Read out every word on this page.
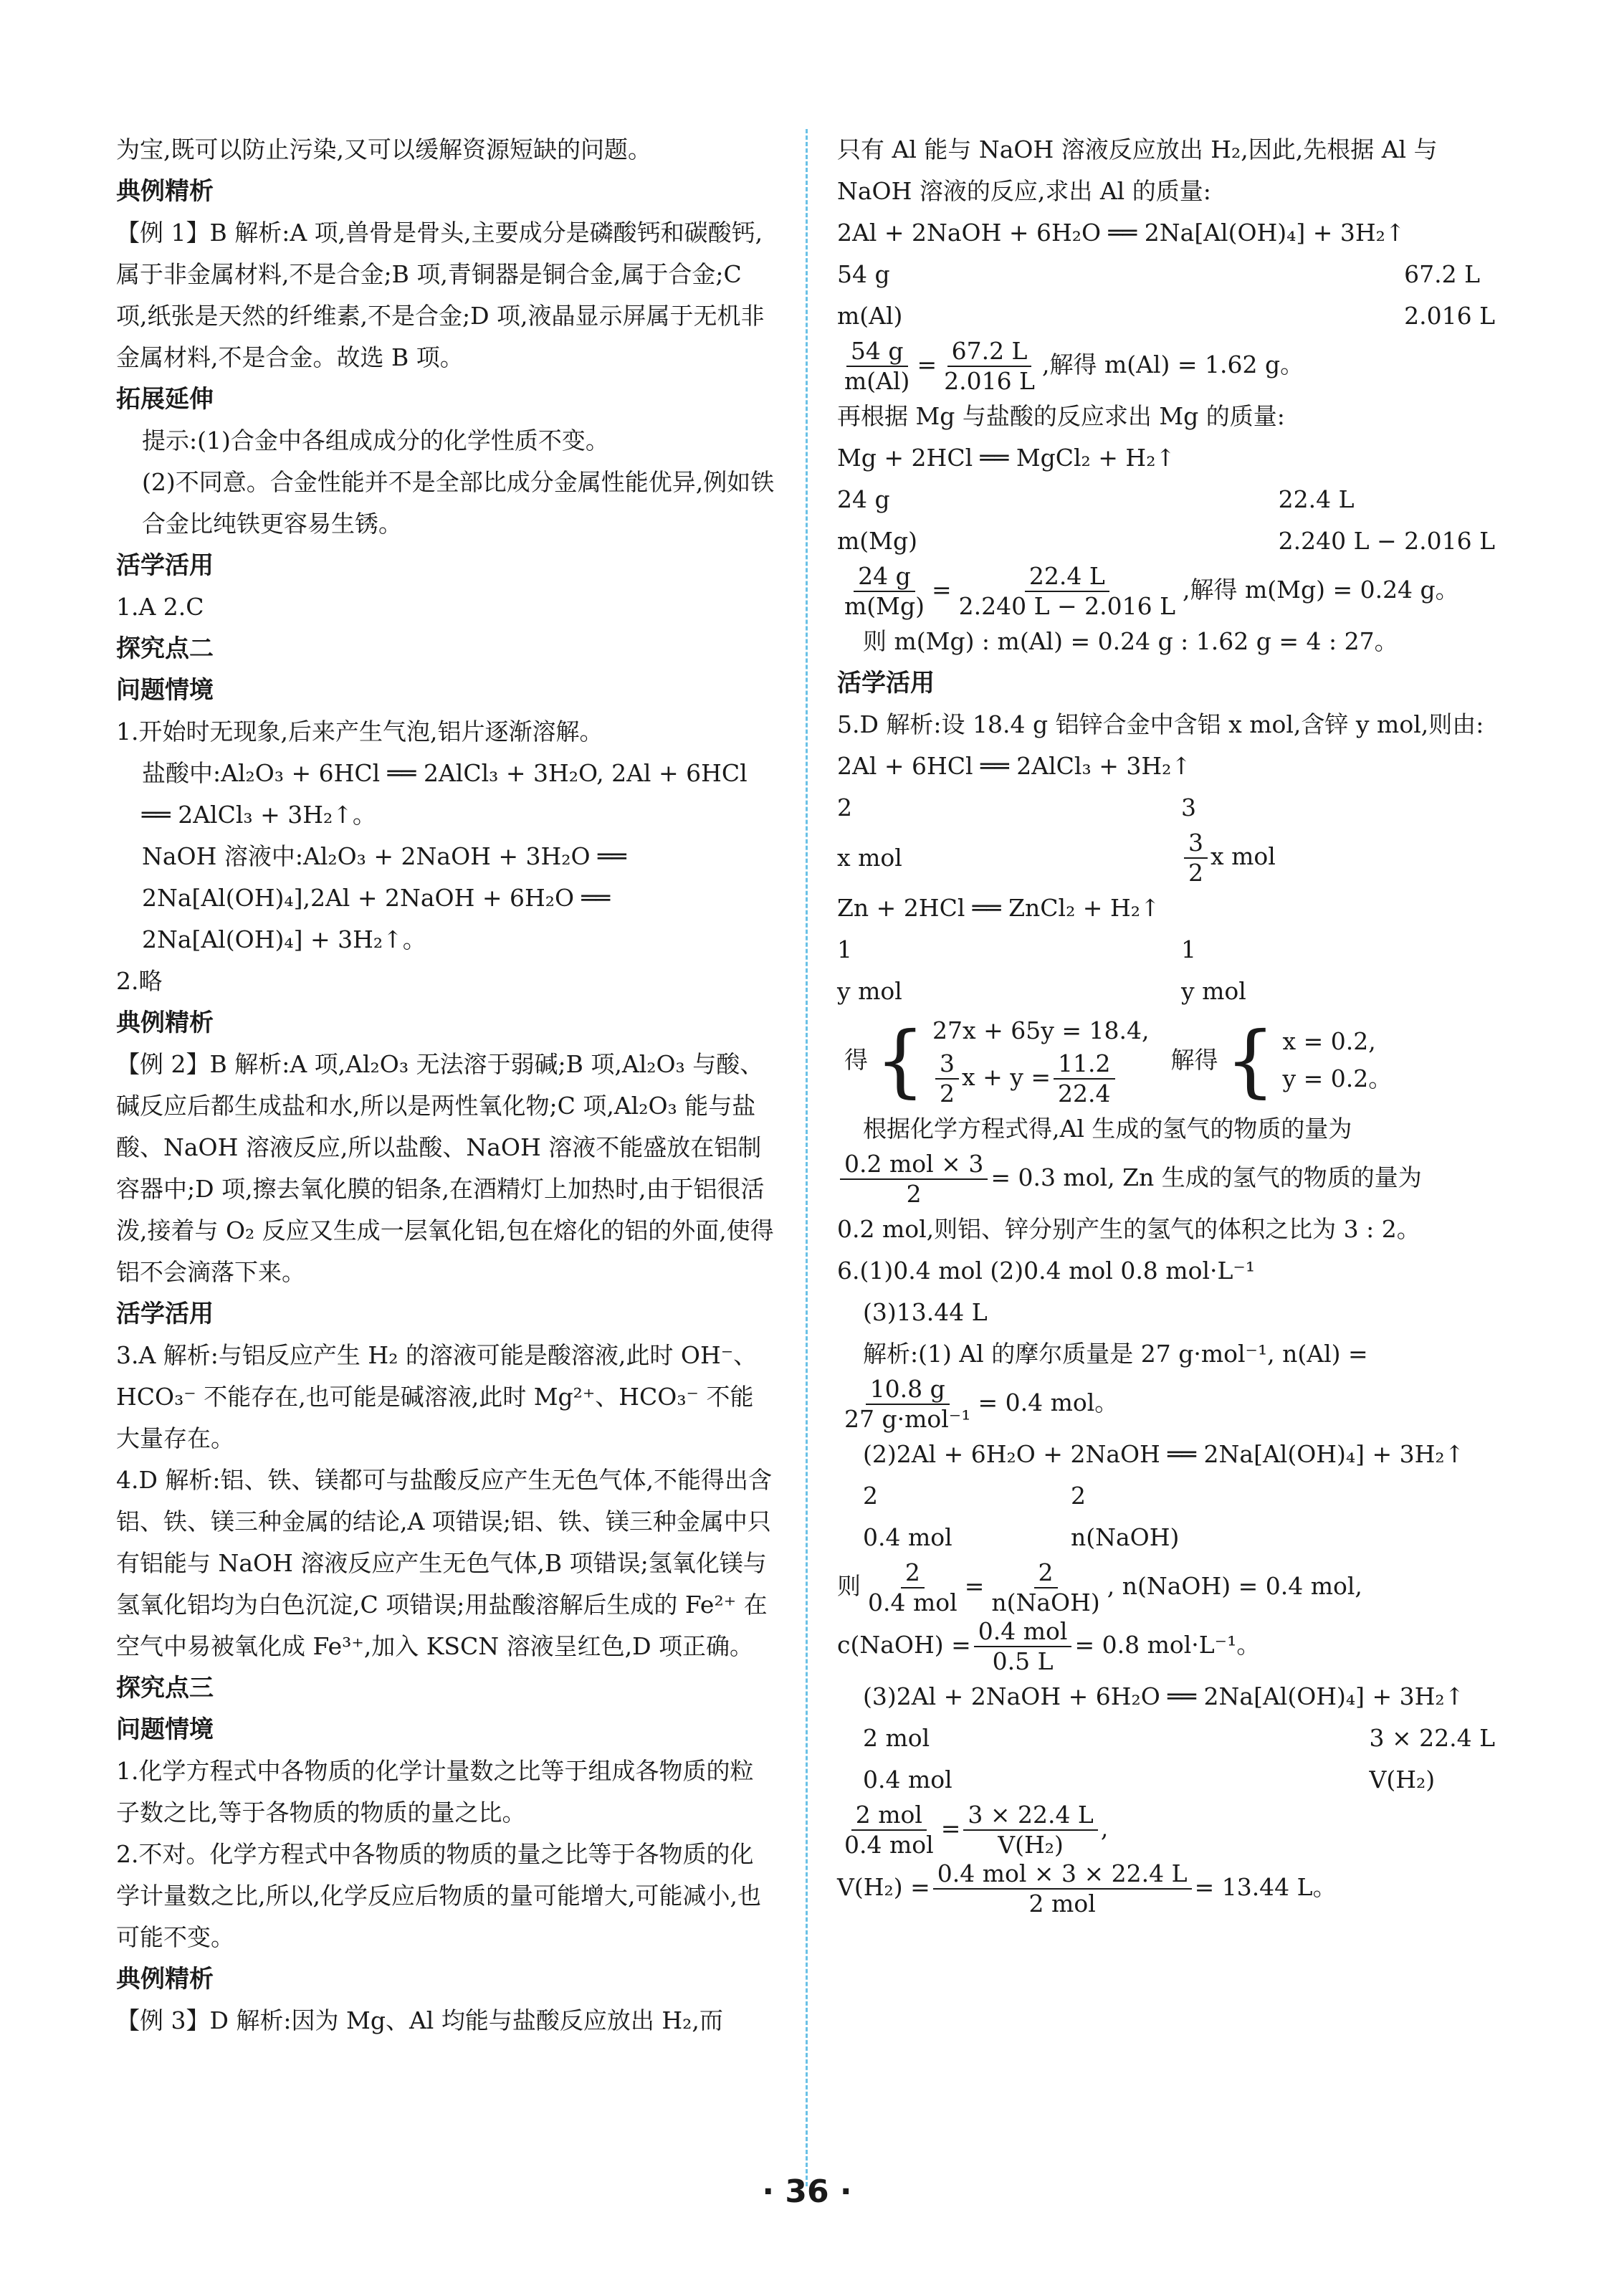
为宝,既可以防止污染,又可以缓解资源短缺的问题。

典例精析

【例 1】B 解析:A 项,兽骨是骨头,主要成分是磷酸钙和碳酸钙,属于非金属材料,不是合金;B 项,青铜器是铜合金,属于合金;C 项,纸张是天然的纤维素,不是合金;D 项,液晶显示屏属于无机非金属材料,不是合金。故选 B 项。

拓展延伸

提示:(1)合金中各组成成分的化学性质不变。

(2)不同意。合金性能并不是全部比成分金属性能优异,例如铁合金比纯铁更容易生锈。

活学活用

1.A 2.C

探究点二

问题情境

1.开始时无现象,后来产生气泡,铝片逐渐溶解。

盐酸中:Al₂O₃ + 6HCl ══ 2AlCl₃ + 3H₂O, 2Al + 6HCl ══ 2AlCl₃ + 3H₂↑。

NaOH 溶液中:Al₂O₃ + 2NaOH + 3H₂O ══ 2Na[Al(OH)₄],2Al + 2NaOH + 6H₂O ══ 2Na[Al(OH)₄] + 3H₂↑。

2.略

典例精析

【例 2】B 解析:A 项,Al₂O₃ 无法溶于弱碱;B 项,Al₂O₃ 与酸、碱反应后都生成盐和水,所以是两性氧化物;C 项,Al₂O₃ 能与盐酸、NaOH 溶液反应,所以盐酸、NaOH 溶液不能盛放在铝制容器中;D 项,擦去氧化膜的铝条,在酒精灯上加热时,由于铝很活泼,接着与 O₂ 反应又生成一层氧化铝,包在熔化的铝的外面,使得铝不会滴落下来。

活学活用

3.A 解析:与铝反应产生 H₂ 的溶液可能是酸溶液,此时 OH⁻、HCO₃⁻ 不能存在,也可能是碱溶液,此时 Mg²⁺、HCO₃⁻ 不能大量存在。

4.D 解析:铝、铁、镁都可与盐酸反应产生无色气体,不能得出含铝、铁、镁三种金属的结论,A 项错误;铝、铁、镁三种金属中只有铝能与 NaOH 溶液反应产生无色气体,B 项错误;氢氧化镁与氢氧化铝均为白色沉淀,C 项错误;用盐酸溶解后生成的 Fe²⁺ 在空气中易被氧化成 Fe³⁺,加入 KSCN 溶液呈红色,D 项正确。

探究点三

问题情境

1.化学方程式中各物质的化学计量数之比等于组成各物质的粒子数之比,等于各物质的物质的量之比。

2.不对。化学方程式中各物质的物质的量之比等于各物质的化学计量数之比,所以,化学反应后物质的量可能增大,可能减小,也可能不变。

典例精析

【例 3】D 解析:因为 Mg、Al 均能与盐酸反应放出 H₂,而

只有 Al 能与 NaOH 溶液反应放出 H₂,因此,先根据 Al 与 NaOH 溶液的反应,求出 Al 的质量:

2Al + 2NaOH + 6H₂O ══ 2Na[Al(OH)₄] + 3H₂↑

54 g	67.2 L
m(Al)	2.016 L

$\frac{54 g}{m(Al)} = \frac{67.2 L}{2.016 L}$ ,解得 m(Al) = 1.62 g。

再根据 Mg 与盐酸的反应求出 Mg 的质量:

Mg + 2HCl ══ MgCl₂ + H₂↑

24 g	22.4 L
m(Mg)	2.240 L − 2.016 L

$\frac{24 g}{m(Mg)} = \frac{22.4 L}{2.240 L - 2.016 L}$ ,解得 m(Mg) = 0.24 g。

则 m(Mg) : m(Al) = 0.24 g : 1.62 g = 4 : 27。

活学活用

5.D 解析:设 18.4 g 铝锌合金中含铝 x mol,含锌 y mol,则由:

2Al + 6HCl ══ 2AlCl₃ + 3H₂↑

2	3
x mol	$\frac{3}{2}$ x mol

Zn + 2HCl ══ ZnCl₂ + H₂↑

1	1
y mol	y mol
得 { 27x + 65y = 18.4,
$\frac{3}{2}$ $x + y = \frac{11.2}{22.4}$ 解得 { x = 0.2,
y = 0.2。

根据化学方程式得,Al 生成的氢气的物质的量为

$\frac{\text{0.2 mol × 3}}{2} = 0.3$ mol, Zn 生成的氢气的物质的量为

0.2 mol,则铝、锌分别产生的氢气的体积之比为 3 : 2。

6.(1)0.4 mol (2)0.4 mol 0.8 mol·L⁻¹

(3)13.44 L

解析:(1) Al 的摩尔质量是 27 g·mol⁻¹, n(Al) =

$\frac{10.8 g}{\text{27 g·mol⁻¹}} = 0.4$ mol。

(2)2Al + 6H₂O + 2NaOH ══ 2Na[Al(OH)₄] + 3H₂↑

2	2
0.4 mol	n(NaOH)

则 $\frac{2}{\text{0.4 mol}} = \frac{2}{\text{n(NaOH)}}$ , n(NaOH) = 0.4 mol,

c(NaOH) = $\frac{\text{0.4 mol}}{0.5 L} = 0.8$ mol·L⁻¹。

(3)2Al + 2NaOH + 6H₂O ══ 2Na[Al(OH)₄] + 3H₂↑

2 mol	3 × 22.4 L
0.4 mol	V(H₂)

$\frac{\text{2 mol}}{\text{0.4 mol}} = \frac{3 \times 22.4 L}{\text{V(H₂)}}$ ,

$V(H_2) = \frac{\text{0.4 mol × 3 × 22.4 L}}{\text{2 mol}} = 13.44$ L。

· 36 ·
